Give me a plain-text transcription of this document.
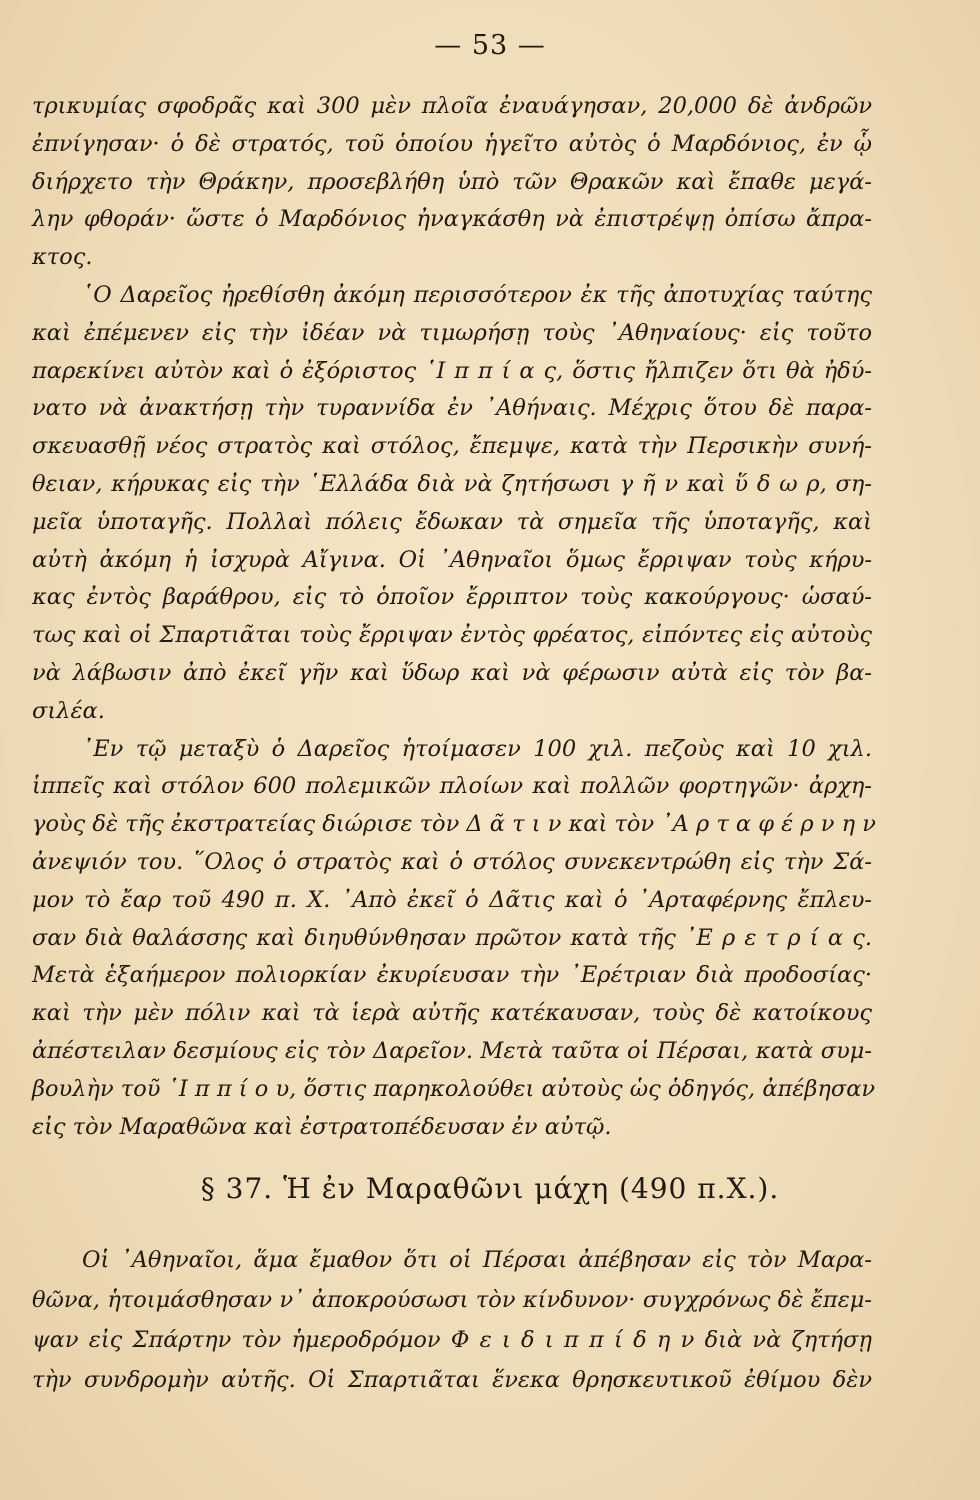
— 53 —
τρικυμίας σφοδρᾶς καὶ 300 μὲν πλοῖα ἐναυάγησαν, 20,000 δὲ ἀνδρῶν
ἐπνίγησαν· ὁ δὲ στρατός, τοῦ ὁποίου ἡγεῖτο αὐτὸς ὁ Μαρδόνιος, ἐν ᾧ
διήρχετο τὴν Θράκην, προσεβλήθη ὑπὸ τῶν Θρακῶν καὶ ἔπαθε μεγά-
λην φθοράν· ὥστε ὁ Μαρδόνιος ἠναγκάσθη νὰ ἐπιστρέψῃ ὀπίσω ἄπρα-
κτος.
῾Ο Δαρεῖος ἠρεθίσθη ἀκόμη περισσότερον ἐκ τῆς ἀποτυχίας ταύτης
καὶ ἐπέμενεν εἰς τὴν ἰδέαν νὰ τιμωρήσῃ τοὺς ᾿Αθηναίους· εἰς τοῦτο
παρεκίνει αὐτὸν καὶ ὁ ἐξόριστος ῾Ι π π ί α ς, ὅστις ἤλπιζεν ὅτι θὰ ἠδύ-
νατο νὰ ἀνακτήσῃ τὴν τυραννίδα ἐν ᾿Αθήναις. Μέχρις ὅτου δὲ παρα-
σκευασθῇ νέος στρατὸς καὶ στόλος, ἔπεμψε, κατὰ τὴν Περσικὴν συνή-
θειαν, κήρυκας εἰς τὴν ῾Ελλάδα διὰ νὰ ζητήσωσι γ ῆ ν καὶ ὕ δ ω ρ, ση-
μεῖα ὑποταγῆς. Πολλαὶ πόλεις ἔδωκαν τὰ σημεῖα τῆς ὑποταγῆς, καὶ
αὐτὴ ἀκόμη ἡ ἰσχυρὰ Αἴγινα. Οἱ ᾿Αθηναῖοι ὅμως ἔρριψαν τοὺς κήρυ-
κας ἐντὸς βαράθρου, εἰς τὸ ὁποῖον ἔρριπτον τοὺς κακούργους· ὡσαύ-
τως καὶ οἱ Σπαρτιᾶται τοὺς ἔρριψαν ἐντὸς φρέατος, εἰπόντες εἰς αὐτοὺς
νὰ λάβωσιν ἀπὸ ἐκεῖ γῆν καὶ ὕδωρ καὶ νὰ φέρωσιν αὐτὰ εἰς τὸν βα-
σιλέα.
᾿Εν τῷ μεταξὺ ὁ Δαρεῖος ἡτοίμασεν 100 χιλ. πεζοὺς καὶ 10 χιλ.
ἱππεῖς καὶ στόλον 600 πολεμικῶν πλοίων καὶ πολλῶν φορτηγῶν· ἀρχη-
γοὺς δὲ τῆς ἐκστρατείας διώρισε τὸν Δ ᾶ τ ι ν καὶ τὸν ᾿Α ρ τ α φ έ ρ ν η ν
ἀνεψιόν του. ῞Ολος ὁ στρατὸς καὶ ὁ στόλος συνεκεντρώθη εἰς τὴν Σά-
μον τὸ ἔαρ τοῦ 490 π. Χ. ᾿Απὸ ἐκεῖ ὁ Δᾶτις καὶ ὁ ᾿Αρταφέρνης ἔπλευ-
σαν διὰ θαλάσσης καὶ διηυθύνθησαν πρῶτον κατὰ τῆς ᾿Ε ρ ε τ ρ ί α ς.
Μετὰ ἑξαήμερον πολιορκίαν ἐκυρίευσαν τὴν ᾿Ερέτριαν διὰ προδοσίας·
καὶ τὴν μὲν πόλιν καὶ τὰ ἱερὰ αὐτῆς κατέκαυσαν, τοὺς δὲ κατοίκους
ἀπέστειλαν δεσμίους εἰς τὸν Δαρεῖον. Μετὰ ταῦτα οἱ Πέρσαι, κατὰ συμ-
βουλὴν τοῦ ῾Ι π π ί ο υ, ὅστις παρηκολούθει αὐτοὺς ὡς ὁδηγός, ἀπέβησαν
εἰς τὸν Μαραθῶνα καὶ ἐστρατοπέδευσαν ἐν αὐτῷ.
§ 37. Ἡ ἐν Μαραθῶνι μάχη (490 π.Χ.).
Οἱ ᾿Αθηναῖοι, ἅμα ἔμαθον ὅτι οἱ Πέρσαι ἀπέβησαν εἰς τὸν Μαρα-
θῶνα, ἡτοιμάσθησαν ν᾿ ἀποκρούσωσι τὸν κίνδυνον· συγχρόνως δὲ ἔπεμ-
ψαν εἰς Σπάρτην τὸν ἡμεροδρόμον Φ ε ι δ ι π π ί δ η ν διὰ νὰ ζητήσῃ
τὴν συνδρομὴν αὐτῆς. Οἱ Σπαρτιᾶται ἕνεκα θρησκευτικοῦ ἐθίμου δὲν
